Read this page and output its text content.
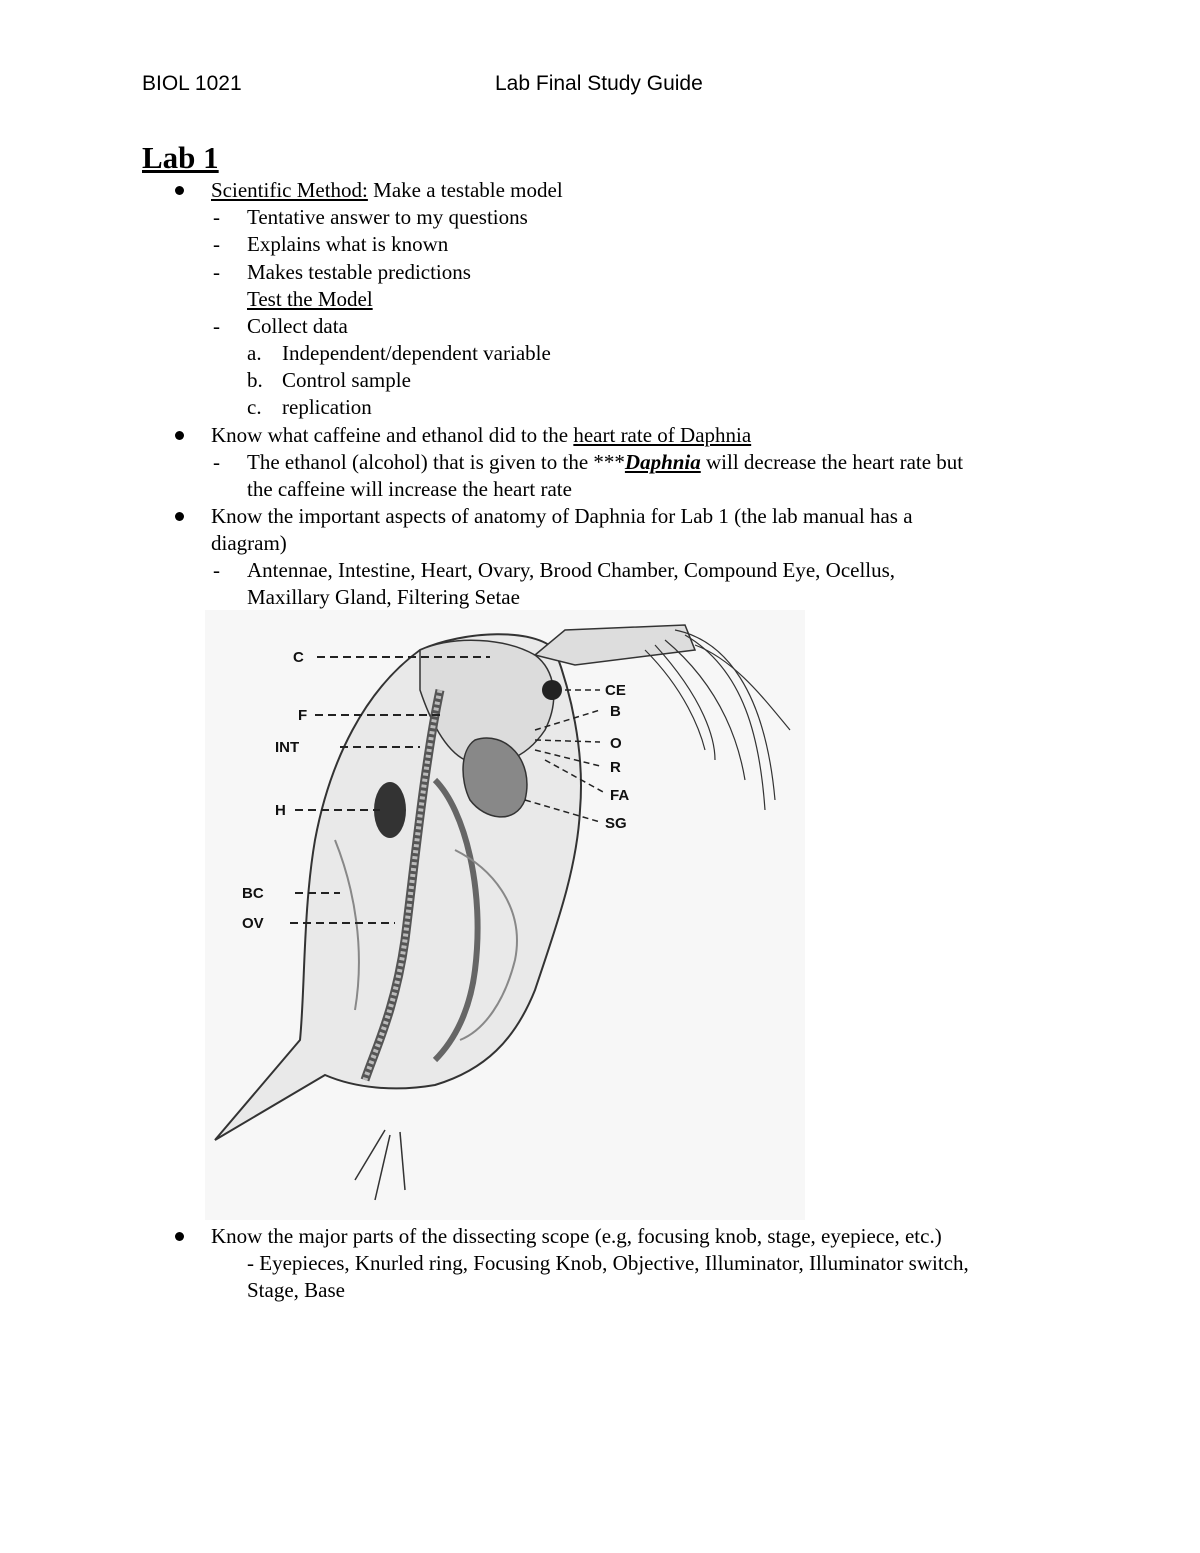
BIOL 1021	Lab Final Study Guide
Lab 1
Scientific Method: Make a testable model
- Tentative answer to my questions
- Explains what is known
- Makes testable predictions
Test the Model
- Collect data
a. Independent/dependent variable
b. Control sample
c. replication
Know what caffeine and ethanol did to the heart rate of Daphnia
- The ethanol (alcohol) that is given to the ***Daphnia will decrease the heart rate but
the caffeine will increase the heart rate
Know the important aspects of anatomy of Daphnia for Lab 1 (the lab manual has a
diagram)
- Antennae, Intestine, Heart, Ovary, Brood Chamber, Compound Eye, Ocellus,
Maxillary Gland, Filtering Setae
C
F
INT
H
BC
OV
CE
B
O
R
FA
SG
Know the major parts of the dissecting scope (e.g, focusing knob, stage, eyepiece, etc.)
- Eyepieces, Knurled ring, Focusing Knob, Objective, Illuminator, Illuminator switch,
Stage, Base
